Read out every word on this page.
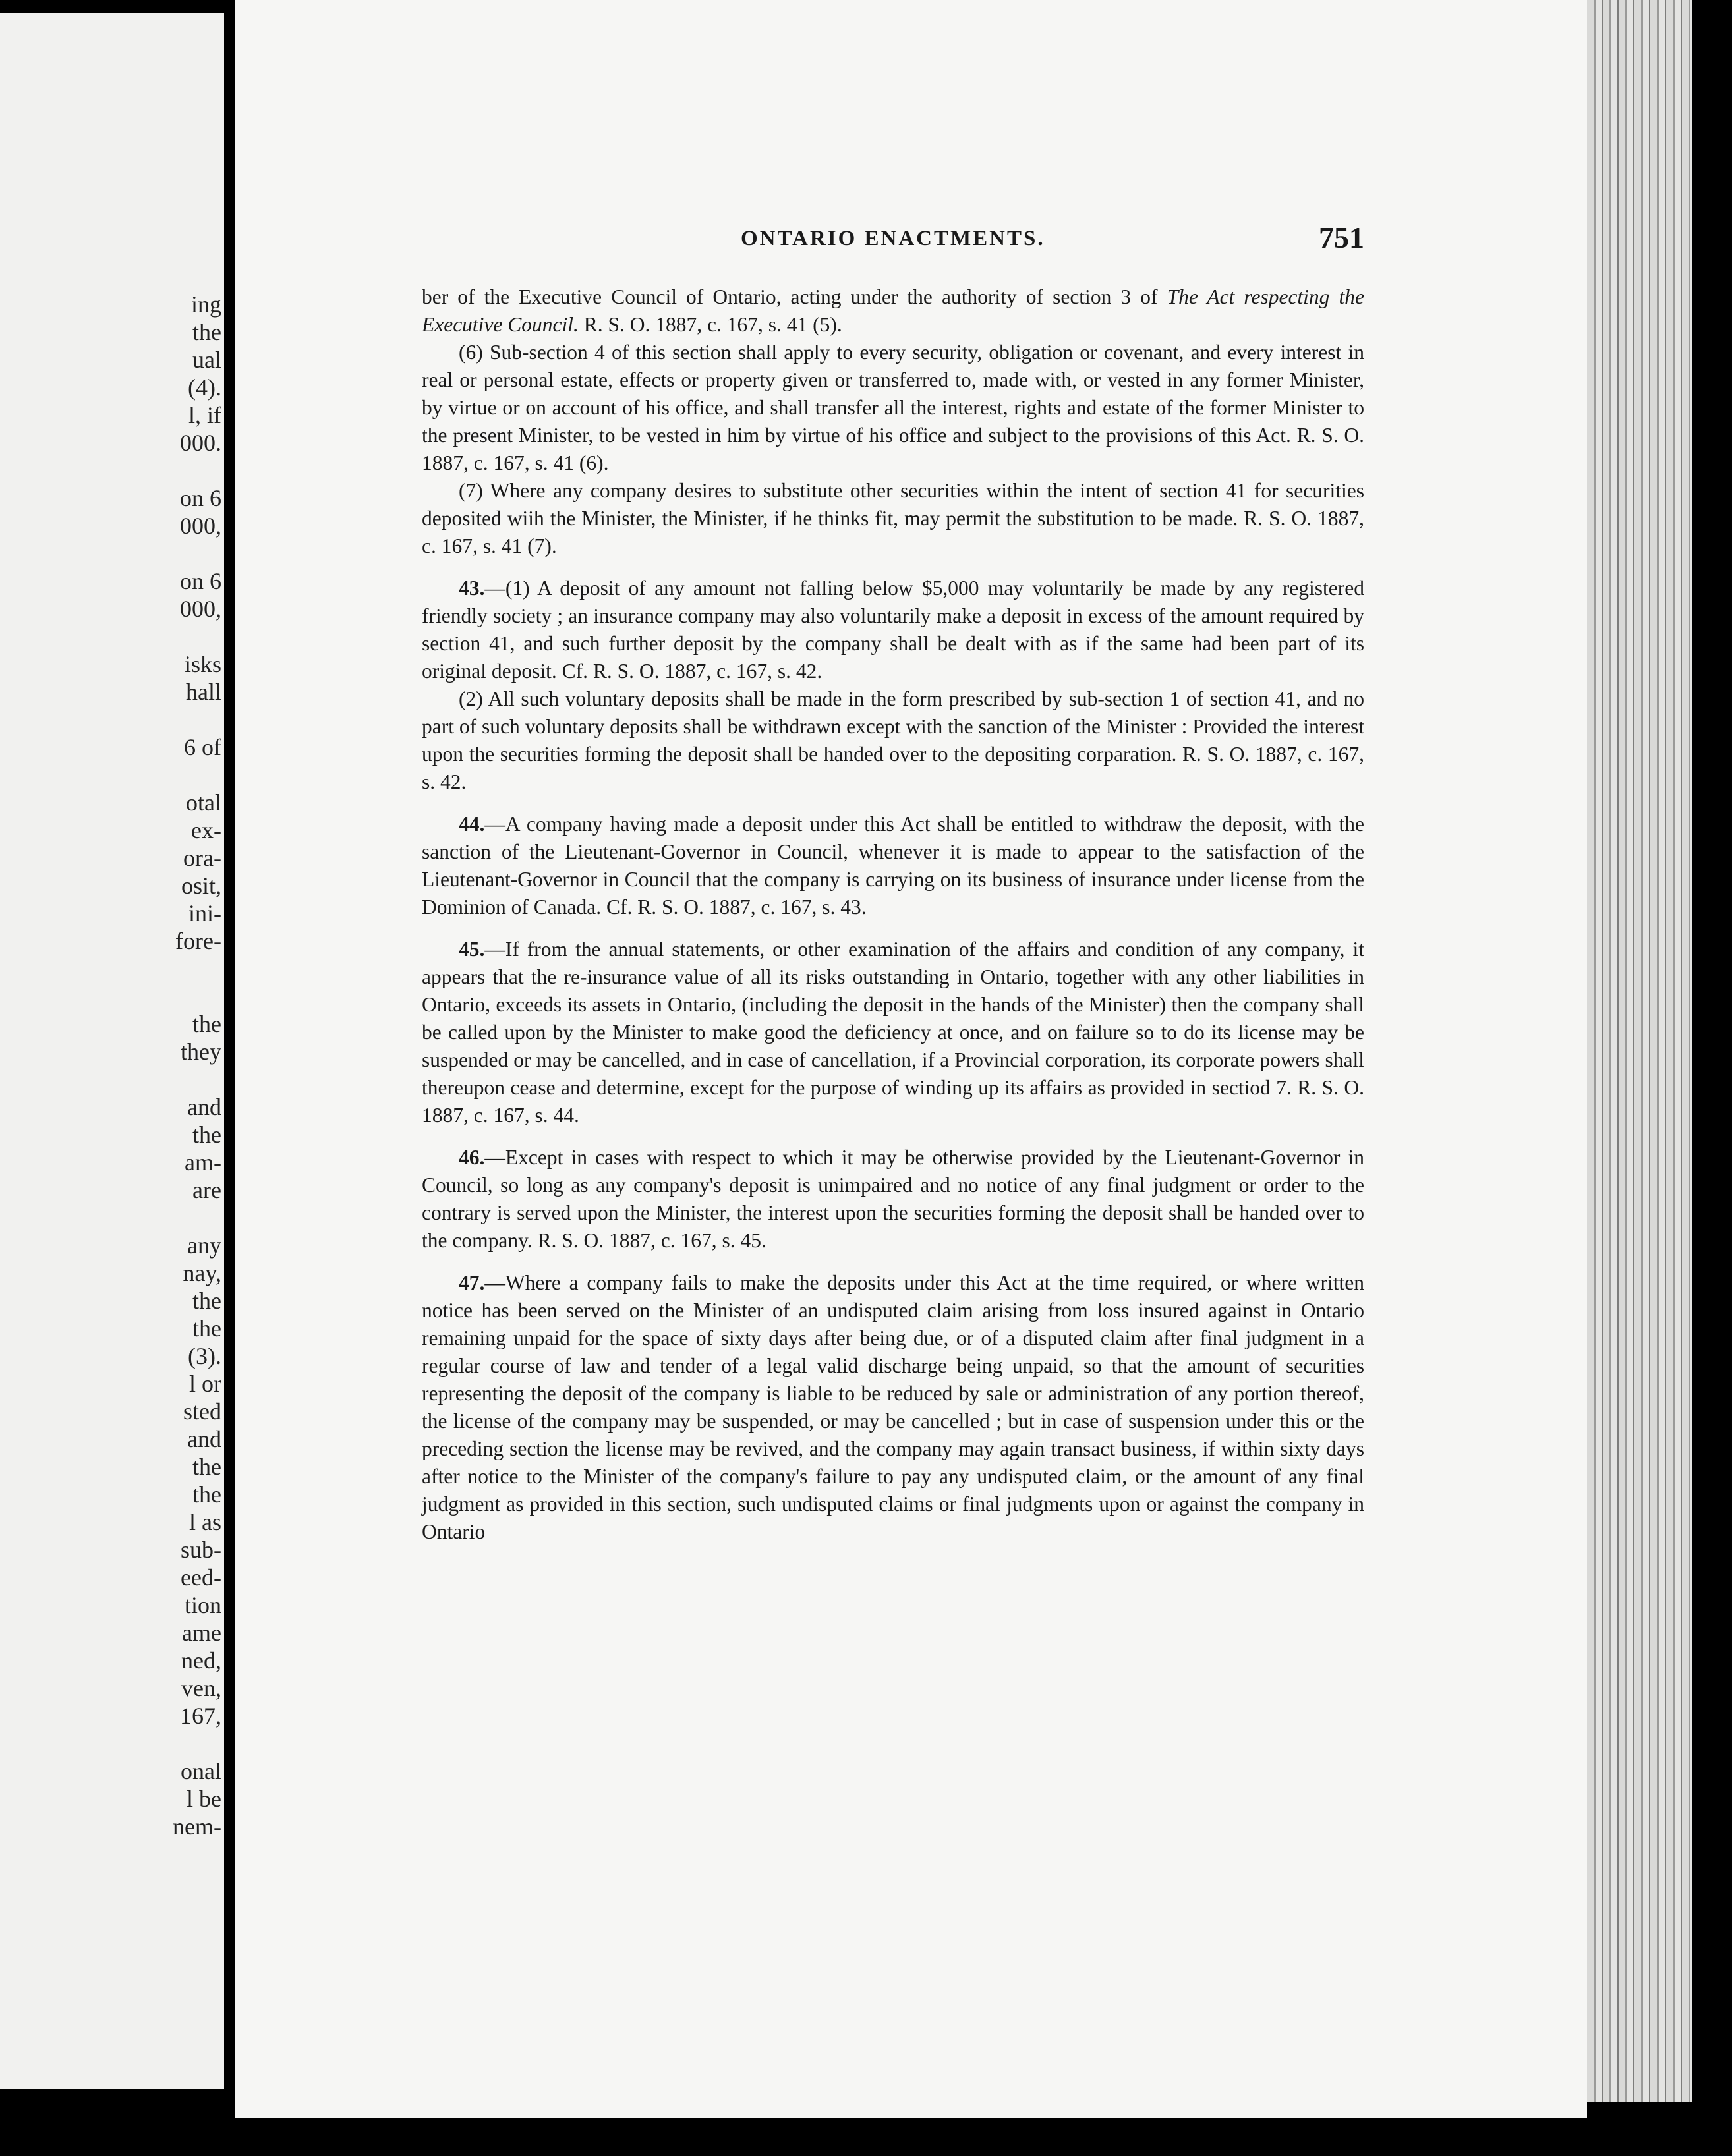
ing
the
ual
(4).
l, if
000.
on 6
000,
on 6
000,
isks
hall
6 of
otal
ex-
ora-
osit,
ini-
fore-
the
they
and
the
am-
are
any
nay,
the
the
(3).
l or
sted
and
the
the
l as
sub-
eed-
tion
ame
ned,
ven,
167,
onal
l be
nem-
ONTARIO ENACTMENTS.	751

ber of the Executive Council of Ontario, acting under the authority of section 3 of The Act respecting the Executive Council. R. S. O. 1887, c. 167, s. 41 (5).

(6) Sub-section 4 of this section shall apply to every security, obligation or covenant, and every interest in real or personal estate, effects or property given or transferred to, made with, or vested in any former Minister, by virtue or on account of his office, and shall transfer all the interest, rights and estate of the former Minister to the present Minister, to be vested in him by virtue of his office and subject to the provisions of this Act. R. S. O. 1887, c. 167, s. 41 (6).

(7) Where any company desires to substitute other securities within the intent of section 41 for securities deposited wiih the Minister, the Minister, if he thinks fit, may permit the substitution to be made. R. S. O. 1887, c. 167, s. 41 (7).

43.—(1) A deposit of any amount not falling below $5,000 may voluntarily be made by any registered friendly society ; an insurance company may also voluntarily make a deposit in excess of the amount required by section 41, and such further deposit by the company shall be dealt with as if the same had been part of its original deposit. Cf. R. S. O. 1887, c. 167, s. 42.

(2) All such voluntary deposits shall be made in the form prescribed by sub-section 1 of section 41, and no part of such voluntary deposits shall be withdrawn except with the sanction of the Minister : Provided the interest upon the securities forming the deposit shall be handed over to the depositing corparation. R. S. O. 1887, c. 167, s. 42.

44.—A company having made a deposit under this Act shall be entitled to withdraw the deposit, with the sanction of the Lieutenant-Governor in Council, whenever it is made to appear to the satisfaction of the Lieutenant-Governor in Council that the company is carrying on its business of insurance under license from the Dominion of Canada. Cf. R. S. O. 1887, c. 167, s. 43.

45.—If from the annual statements, or other examination of the affairs and condition of any company, it appears that the re-insurance value of all its risks outstanding in Ontario, together with any other liabilities in Ontario, exceeds its assets in Ontario, (including the deposit in the hands of the Minister) then the company shall be called upon by the Minister to make good the deficiency at once, and on failure so to do its license may be suspended or may be cancelled, and in case of cancellation, if a Provincial corporation, its corporate powers shall thereupon cease and determine, except for the purpose of winding up its affairs as provided in sectiod 7. R. S. O. 1887, c. 167, s. 44.

46.—Except in cases with respect to which it may be otherwise provided by the Lieutenant-Governor in Council, so long as any company's deposit is unimpaired and no notice of any final judgment or order to the contrary is served upon the Minister, the interest upon the securities forming the deposit shall be handed over to the company. R. S. O. 1887, c. 167, s. 45.

47.—Where a company fails to make the deposits under this Act at the time required, or where written notice has been served on the Minister of an undisputed claim arising from loss insured against in Ontario remaining unpaid for the space of sixty days after being due, or of a disputed claim after final judgment in a regular course of law and tender of a legal valid discharge being unpaid, so that the amount of securities representing the deposit of the company is liable to be reduced by sale or administration of any portion thereof, the license of the company may be suspended, or may be cancelled ; but in case of suspension under this or the preceding section the license may be revived, and the company may again transact business, if within sixty days after notice to the Minister of the company's failure to pay any undisputed claim, or the amount of any final judgment as provided in this section, such undisputed claims or final judgments upon or against the company in Ontario
